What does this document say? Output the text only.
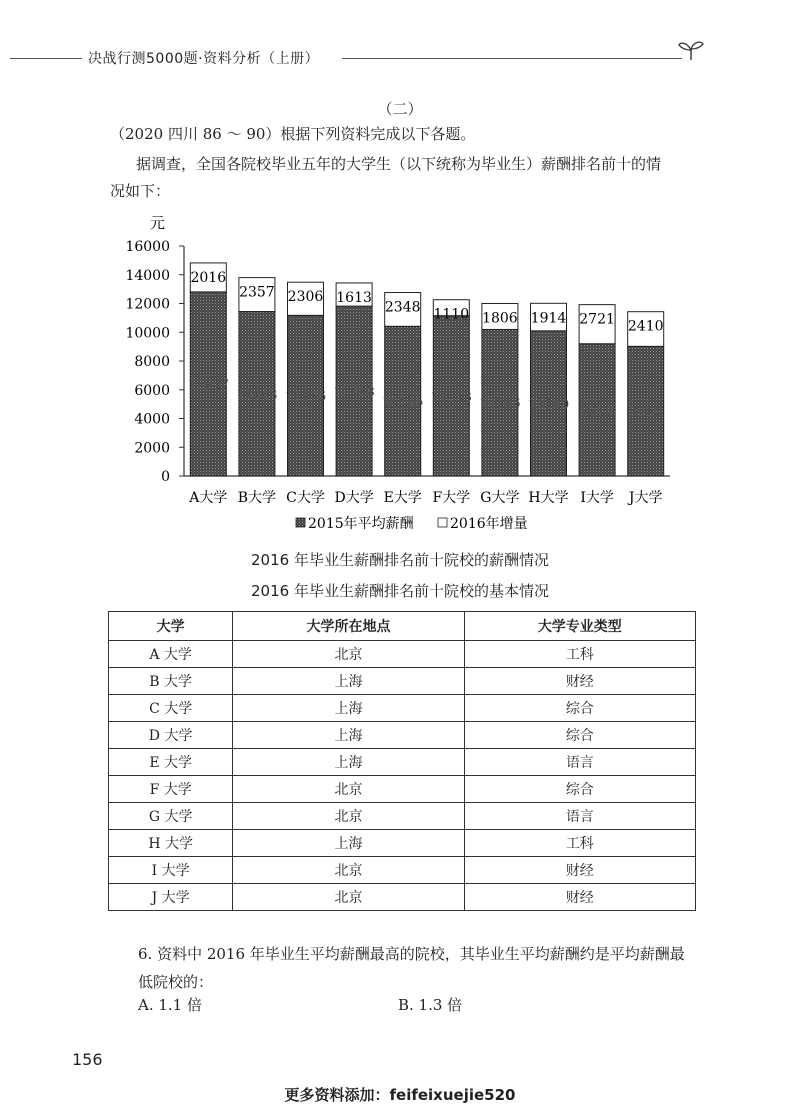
决战行测5000题·资料分析（上册）
（二）
（2020 四川 86 ～ 90）根据下列资料完成以下各题。
据调查，全国各院校毕业五年的大学生（以下统称为毕业生）薪酬排名前十的情
况如下：
元
0
2000
4000
6000
8000
10000
12000
14000
16000
A大学 B大学 C大学 D大学 E大学 F大学 G大学 H大学 I大学 J大学
2016
12807
2357
11443
2306
11176
1613
11818
2348
10415
1110
11153
1806
10196
1914
10100
2721
9200
2410
9020
2015年平均薪酬	2016年增量
2016 年毕业生薪酬排名前十院校的薪酬情况
2016 年毕业生薪酬排名前十院校的基本情况
大学	大学所在地点	大学专业类型
A 大学	北京	工科
B 大学	上海	财经
C 大学	上海	综合
D 大学	上海	综合
E 大学	上海	语言
F 大学	北京	综合
G 大学	北京	语言
H 大学	上海	工科
I 大学	北京	财经
J 大学	北京	财经
6. 资料中 2016 年毕业生平均薪酬最高的院校，其毕业生平均薪酬约是平均薪酬最低院校的：
A. 1.1 倍	B. 1.3 倍
156
更多资料添加：feifeixuejie520
